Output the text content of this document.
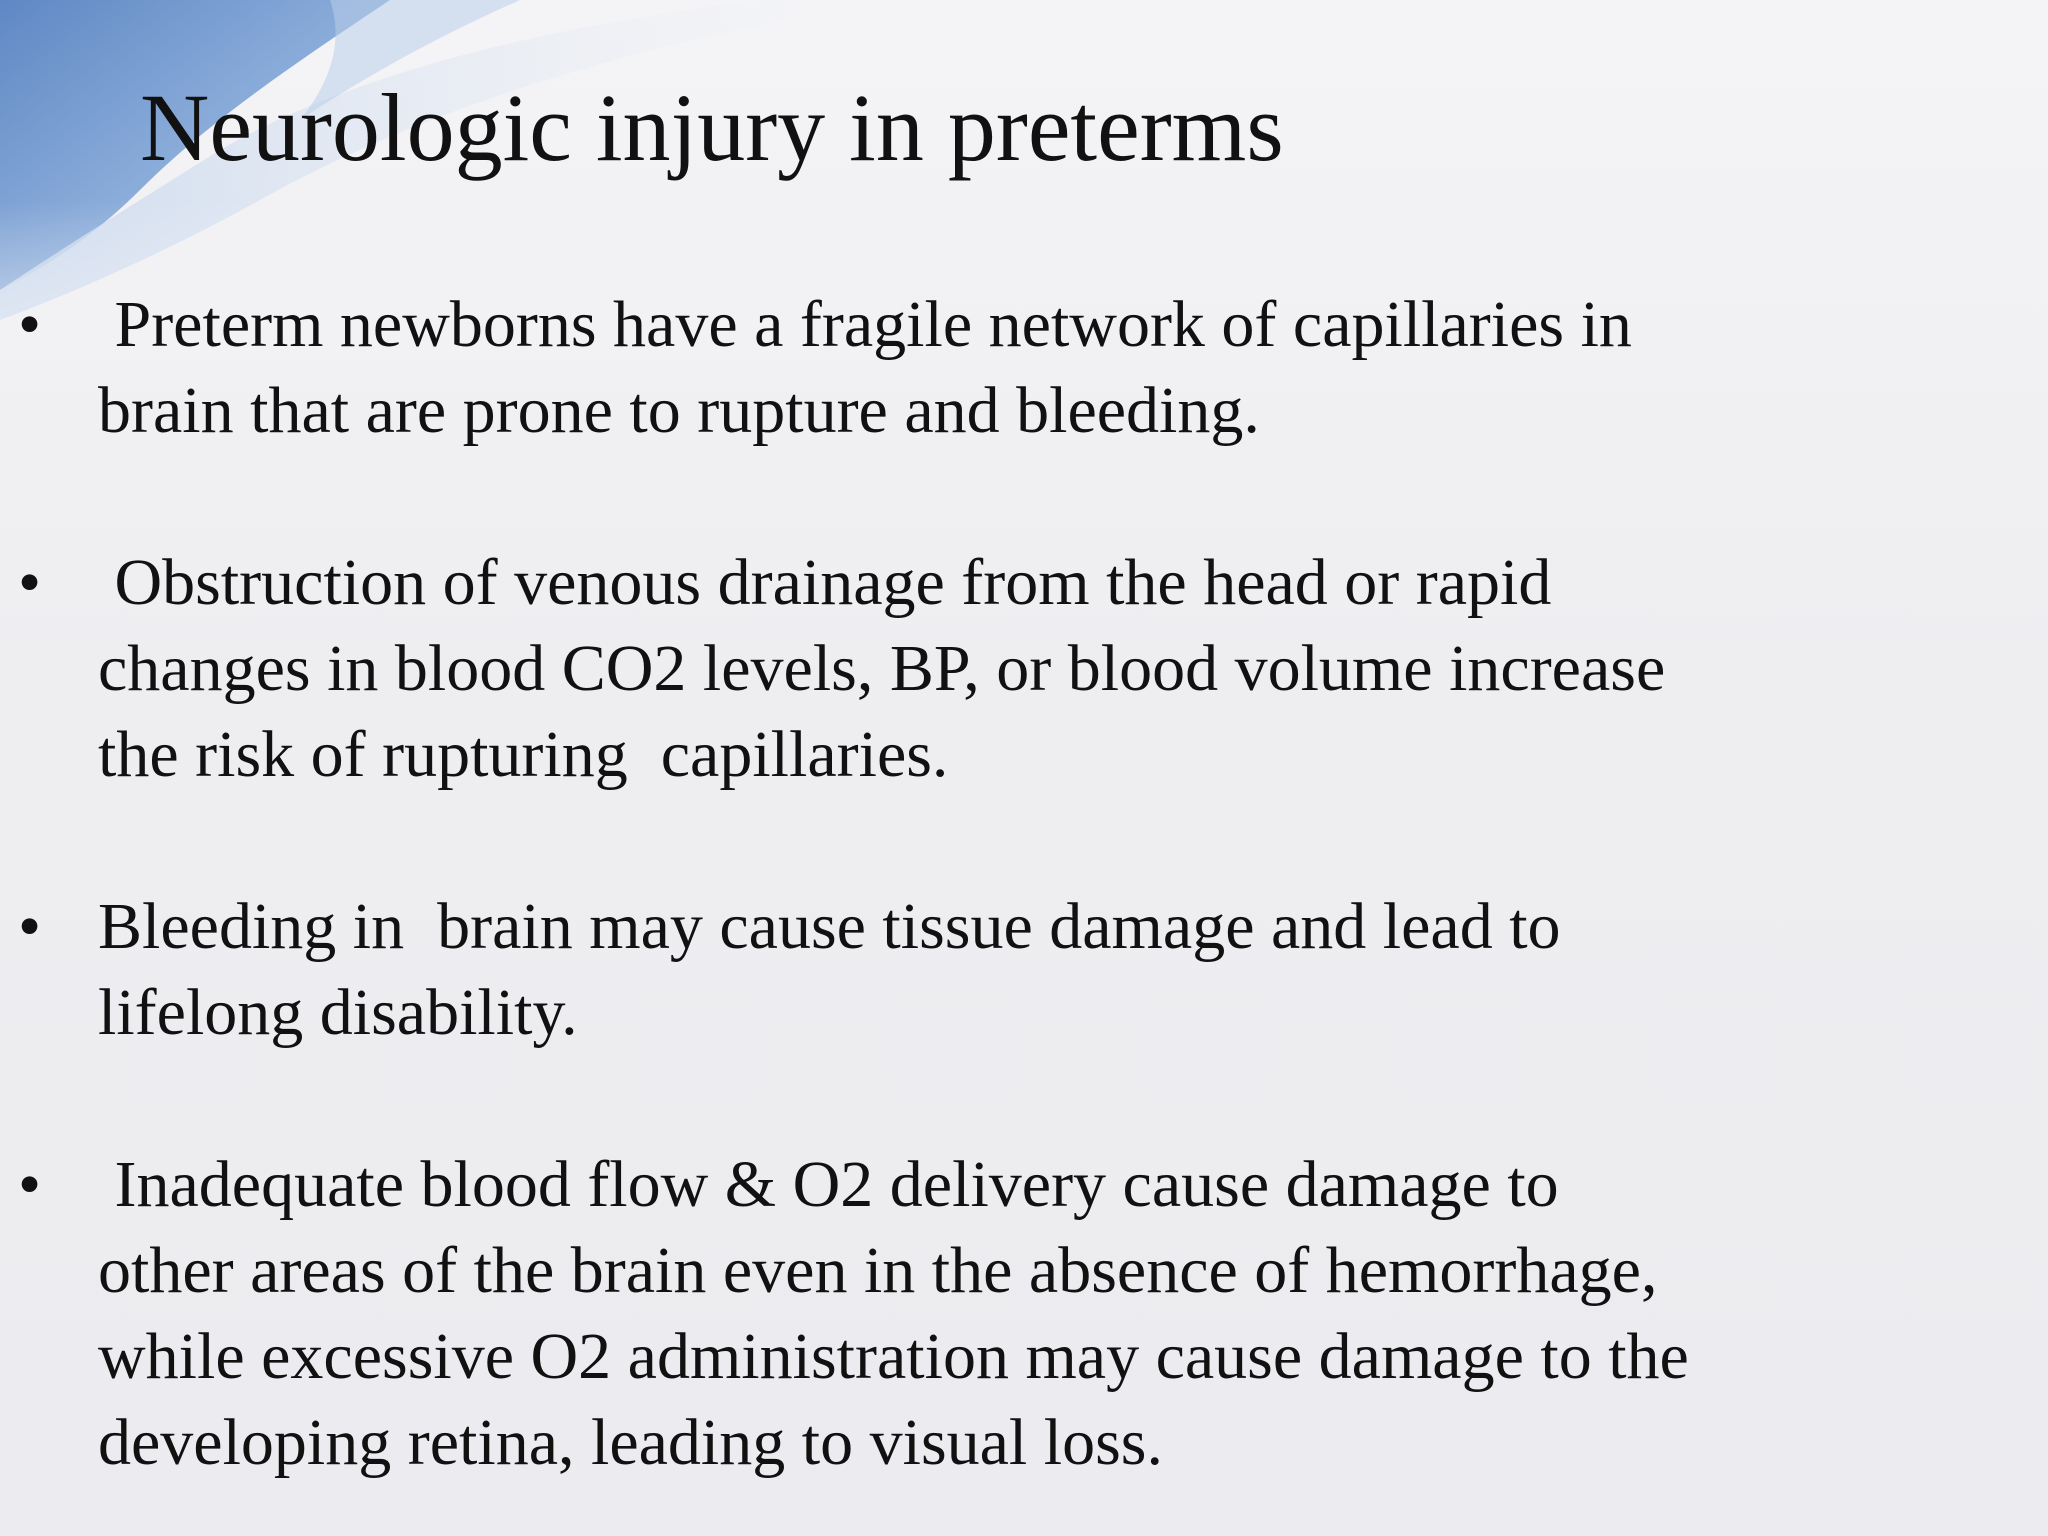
Neurologic injury in preterms
• Preterm newborns have a fragile network of capillaries in
brain that are prone to rupture and bleeding.
• Obstruction of venous drainage from the head or rapid
changes in blood CO2 levels, BP, or blood volume increase
the risk of rupturing  capillaries.
• Bleeding in  brain may cause tissue damage and lead to
lifelong disability.
• Inadequate blood flow & O2 delivery cause damage to
other areas of the brain even in the absence of hemorrhage,
while excessive O2 administration may cause damage to the
developing retina, leading to visual loss.
